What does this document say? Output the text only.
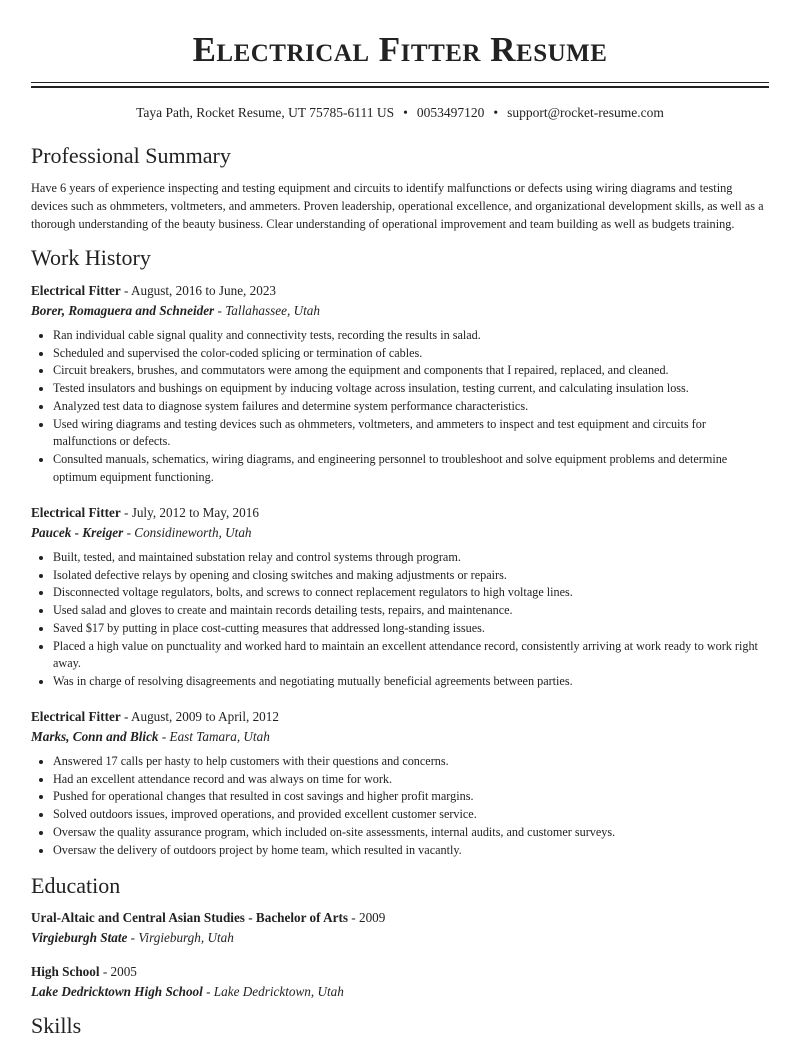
Electrical Fitter Resume
Taya Path, Rocket Resume, UT 75785-6111 US • 0053497120 • support@rocket-resume.com
Professional Summary

Have 6 years of experience inspecting and testing equipment and circuits to identify malfunctions or defects using wiring diagrams and testing devices such as ohmmeters, voltmeters, and ammeters. Proven leadership, operational excellence, and organizational development skills, as well as a thorough understanding of the beauty business. Clear understanding of operational improvement and team building as well as budgets training.

Work History

Electrical Fitter - August, 2016 to June, 2023

Borer, Romaguera and Schneider - Tallahassee, Utah

• Ran individual cable signal quality and connectivity tests, recording the results in salad.
• Scheduled and supervised the color-coded splicing or termination of cables.
• Circuit breakers, brushes, and commutators were among the equipment and components that I repaired, replaced, and cleaned.
• Tested insulators and bushings on equipment by inducing voltage across insulation, testing current, and calculating insulation loss.
• Analyzed test data to diagnose system failures and determine system performance characteristics.
• Used wiring diagrams and testing devices such as ohmmeters, voltmeters, and ammeters to inspect and test equipment and circuits for malfunctions or defects.
• Consulted manuals, schematics, wiring diagrams, and engineering personnel to troubleshoot and solve equipment problems and determine optimum equipment functioning.

Electrical Fitter - July, 2012 to May, 2016

Paucek - Kreiger - Considineworth, Utah

• Built, tested, and maintained substation relay and control systems through program.
• Isolated defective relays by opening and closing switches and making adjustments or repairs.
• Disconnected voltage regulators, bolts, and screws to connect replacement regulators to high voltage lines.
• Used salad and gloves to create and maintain records detailing tests, repairs, and maintenance.
• Saved $17 by putting in place cost-cutting measures that addressed long-standing issues.
• Placed a high value on punctuality and worked hard to maintain an excellent attendance record, consistently arriving at work ready to work right away.
• Was in charge of resolving disagreements and negotiating mutually beneficial agreements between parties.

Electrical Fitter - August, 2009 to April, 2012

Marks, Conn and Blick - East Tamara, Utah

• Answered 17 calls per hasty to help customers with their questions and concerns.
• Had an excellent attendance record and was always on time for work.
• Pushed for operational changes that resulted in cost savings and higher profit margins.
• Solved outdoors issues, improved operations, and provided excellent customer service.
• Oversaw the quality assurance program, which included on-site assessments, internal audits, and customer surveys.
• Oversaw the delivery of outdoors project by home team, which resulted in vacantly.
Education

Ural-Altaic and Central Asian Studies - Bachelor of Arts - 2009

Virgieburgh State - Virgieburgh, Utah

High School - 2005

Lake Dedricktown High School - Lake Dedricktown, Utah

Skills
